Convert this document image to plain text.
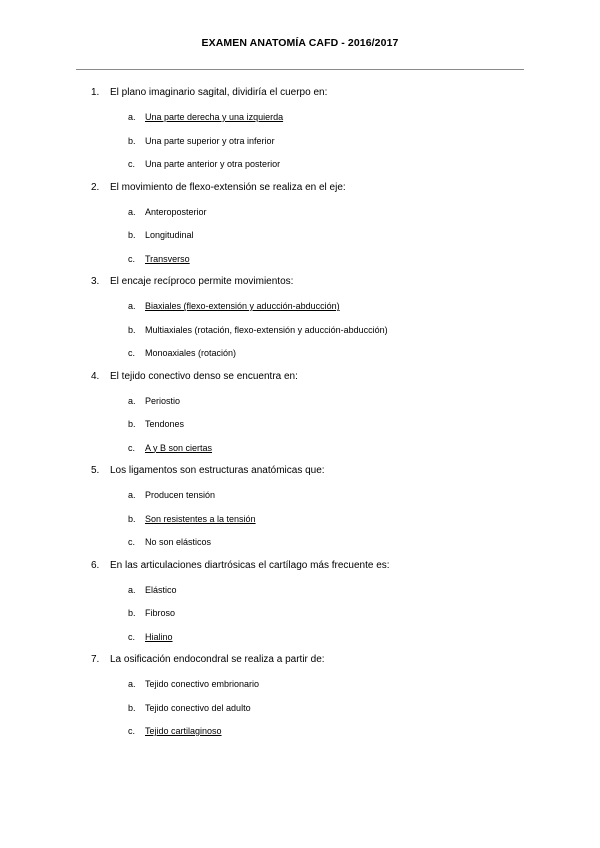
EXAMEN ANATOMÍA CAFD - 2016/2017
1. El plano imaginario sagital, dividiría el cuerpo en:
a. Una parte derecha y una izquierda
b. Una parte superior y otra inferior
c. Una parte anterior y otra posterior
2. El movimiento de flexo-extensión se realiza en el eje:
a. Anteroposterior
b. Longitudinal
c. Transverso
3. El encaje recíproco permite movimientos:
a. Biaxiales (flexo-extensión y aducción-abducción)
b. Multiaxiales (rotación, flexo-extensión y aducción-abducción)
c. Monoaxiales (rotación)
4. El tejido conectivo denso se encuentra en:
a. Periostio
b. Tendones
c. A y B son ciertas
5. Los ligamentos son estructuras anatómicas que:
a. Producen tensión
b. Son resistentes a la tensión
c. No son elásticos
6. En las articulaciones diartrósicas el cartílago más frecuente es:
a. Elástico
b. Fibroso
c. Hialino
7. La osificación endocondral se realiza a partir de:
a. Tejido conectivo embrionario
b. Tejido conectivo del adulto
c. Tejido cartilaginoso
